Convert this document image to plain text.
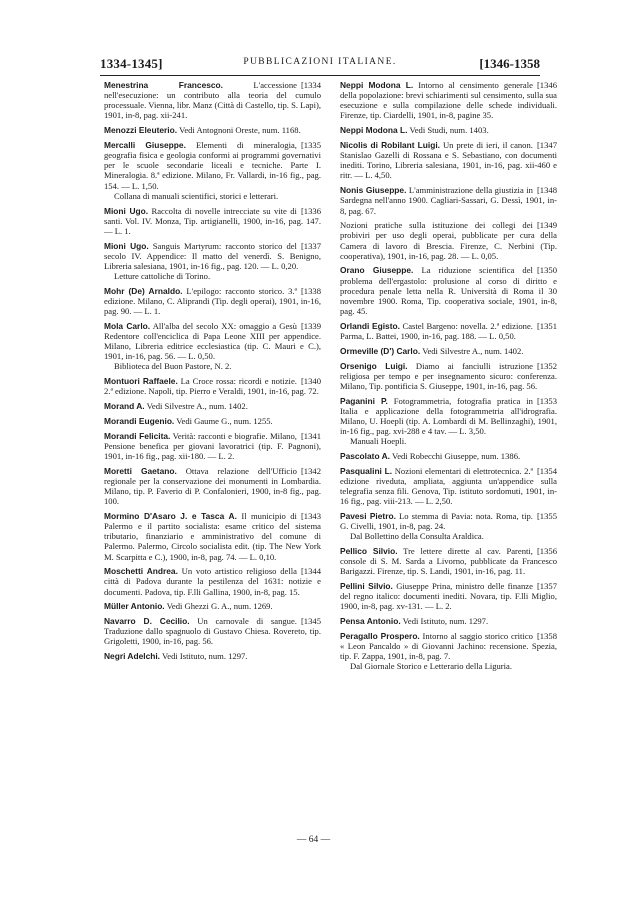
1334-1345]	PUBBLICAZIONI ITALIANE.	[1346-1358
[1334
Menestrina Francesco.	L'accessione nell'esecuzione: un contributo alla teoria del cumulo processuale. Vienna, libr. Manz (Città di Castello, tip. S. Lapi), 1901, in-8, pag. xii-241.
Menozzi Eleuterio. Vedi Antognoni Oreste, num. 1168.
[1335
Mercalli Giuseppe. Elementi di mineralogia, geografia fisica e geologia conformi ai programmi governativi per le scuole secondarie liceali e tecniche. Parte I. Mineralogia. 8.ª edizione. Milano, Fr. Vallardi, in-16 fig., pag. 154. — L. 1,50.
Collana di manuali scientifici, storici e letterari.
[1336
Mioni Ugo. Raccolta di novelle intrecciate su vite di santi. Vol. IV. Monza, Tip. artigianelli, 1900, in-16, pag. 147. — L. 1.
[1337
Mioni Ugo. Sanguis Martyrum: racconto storico del secolo IV. Appendice: Il matto del venerdì. S. Benigno, Libreria salesiana, 1901, in-16 fig., pag. 120. — L. 0,20.
Letture cattoliche di Torino.
[1338
Mohr (De) Arnaldo. L'epilogo: racconto storico. 3.ª edizione. Milano, C. Aliprandi (Tip. degli operai), 1901, in-16, pag. 90. — L. 1.
[1339
Mola Carlo. All'alba del secolo XX: omaggio a Gesù Redentore coll'enciclica di Papa Leone XIII per appendice. Milano, Libreria editrice ecclesiastica (tip. C. Mauri e C.), 1901, in-16, pag. 56. — L. 0,50.
Biblioteca del Buon Pastore, N. 2.
[1340
Montuori Raffaele. La Croce rossa: ricordi e notizie. 2.ª edizione. Napoli, tip. Pierro e Veraldi, 1901, in-16, pag. 72.
Morand A. Vedi Silvestre A., num. 1402.
Morandi Eugenio. Vedi Gaume G., num. 1255.
[1341
Morandi Felicita. Verità: racconti e biografie. Milano, Pensione benefica per giovani lavoratrici (tip. F. Pagnoni), 1901, in-16 fig., pag. xii-180. — L. 2.
[1342
Moretti Gaetano. Ottava relazione dell'Ufficio regionale per la conservazione dei monumenti in Lombardia. Milano, tip. P. Faverio di P. Confalonieri, 1900, in-8 fig., pag. 100.
[1343
Mormino D'Asaro J. e Tasca A. Il municipio di Palermo e il partito socialista: esame critico del sistema tributario, finanziario e amministrativo del comune di Palermo. Palermo, Circolo socialista edit. (tip. The New York M. Scarpitta e C.), 1900, in-8, pag. 74. — L. 0,10.
[1344
Moschetti Andrea. Un voto artistico religioso della città di Padova durante la pestilenza del 1631: notizie e documenti. Padova, tip. F.lli Gallina, 1900, in-8, pag. 15.
Müller Antonio. Vedi Ghezzi G. A., num. 1269.
[1345
Navarro D. Cecilio. Un carnovale di sangue. Traduzione dallo spagnuolo di Gustavo Chiesa. Rovereto, tip. Grigoletti, 1900, in-16, pag. 56.
Negri Adelchi. Vedi Istituto, num. 1297.
[1346
Neppi Modona L. Intorno al censimento generale della popolazione: brevi schiarimenti sul censimento, sulla sua esecuzione e sulla compilazione delle schede individuali. Firenze, tip. Ciardelli, 1901, in-8, pagine 35.
Neppi Modona L. Vedi Studi, num. 1403.
[1347
Nicolis di Robilant Luigi. Un prete di ieri, il canon. Stanislao Gazelli di Rossana e S. Sebastiano, con documenti inediti. Torino, Libreria salesiana, 1901, in-16, pag. xii-460 e ritr. — L. 4,50.
[1348
Nonis Giuseppe. L'amministrazione della giustizia in Sardegna nell'anno 1900. Cagliari-Sassari, G. Dessì, 1901, in-8, pag. 67.
[1349
Nozioni pratiche sulla istituzione dei collegi dei probiviri per uso degli operai, pubblicate per cura della Camera di lavoro di Brescia. Firenze, C. Nerbini (Tip. cooperativa), 1901, in-16, pag. 28. — L. 0,05.
[1350
Orano Giuseppe. La riduzione scientifica del problema dell'ergastolo: prolusione al corso di diritto e procedura penale letta nella R. Università di Roma il 30 novembre 1900. Roma, Tip. cooperativa sociale, 1901, in-8, pag. 45.
[1351
Orlandi Egisto. Castel Bargeno: novella. 2.ª edizione. Parma, L. Battei, 1900, in-16, pag. 188. — L. 0,50.
Ormeville (D') Carlo. Vedi Silvestre A., num. 1402.
[1352
Orsenigo Luigi. Diamo ai fanciulli istruzione religiosa per tempo e per insegnamento sicuro: conferenza. Milano, Tip. pontificia S. Giuseppe, 1901, in-16, pag. 56.
[1353
Paganini P. Fotogrammetria, fotografia pratica in Italia e applicazione della fotogrammetria all'idrografia. Milano, U. Hoepli (tip. A. Lombardi di M. Bellinzaghi), 1901, in-16 fig., pag. xvi-288 e 4 tav. — L. 3,50.
Manuali Hoepli.
Pascolato A. Vedi Robecchi Giuseppe, num. 1386.
[1354
Pasqualini L. Nozioni elementari di elettrotecnica. 2.ª edizione riveduta, ampliata, aggiunta un'appendice sulla telegrafia senza fili. Genova, Tip. istituto sordomuti, 1901, in-16 fig., pag. viii-213. — L. 2,50.
[1355
Pavesi Pietro. Lo stemma di Pavia: nota. Roma, tip. G. Civelli, 1901, in-8, pag. 24.
Dal Bollettino della Consulta Araldica.
[1356
Pellico Silvio. Tre lettere dirette al cav. Parenti, console di S. M. Sarda a Livorno, pubblicate da Francesco Barigazzi. Firenze, tip. S. Landi, 1901, in-16, pag. 11.
[1357
Pellini Silvio. Giuseppe Prina, ministro delle finanze del regno italico: documenti inediti. Novara, tip. F.lli Miglio, 1900, in-8, pag. xv-131. — L. 2.
Pensa Antonio. Vedi Istituto, num. 1297.
[1358
Peragallo Prospero. Intorno al saggio storico critico « Leon Pancaldo » di Giovanni Jachino: recensione. Spezia, tip. F. Zappa, 1901, in-8, pag. 7.
Dal Giornale Storico e Letterario della Liguria.
— 64 —
